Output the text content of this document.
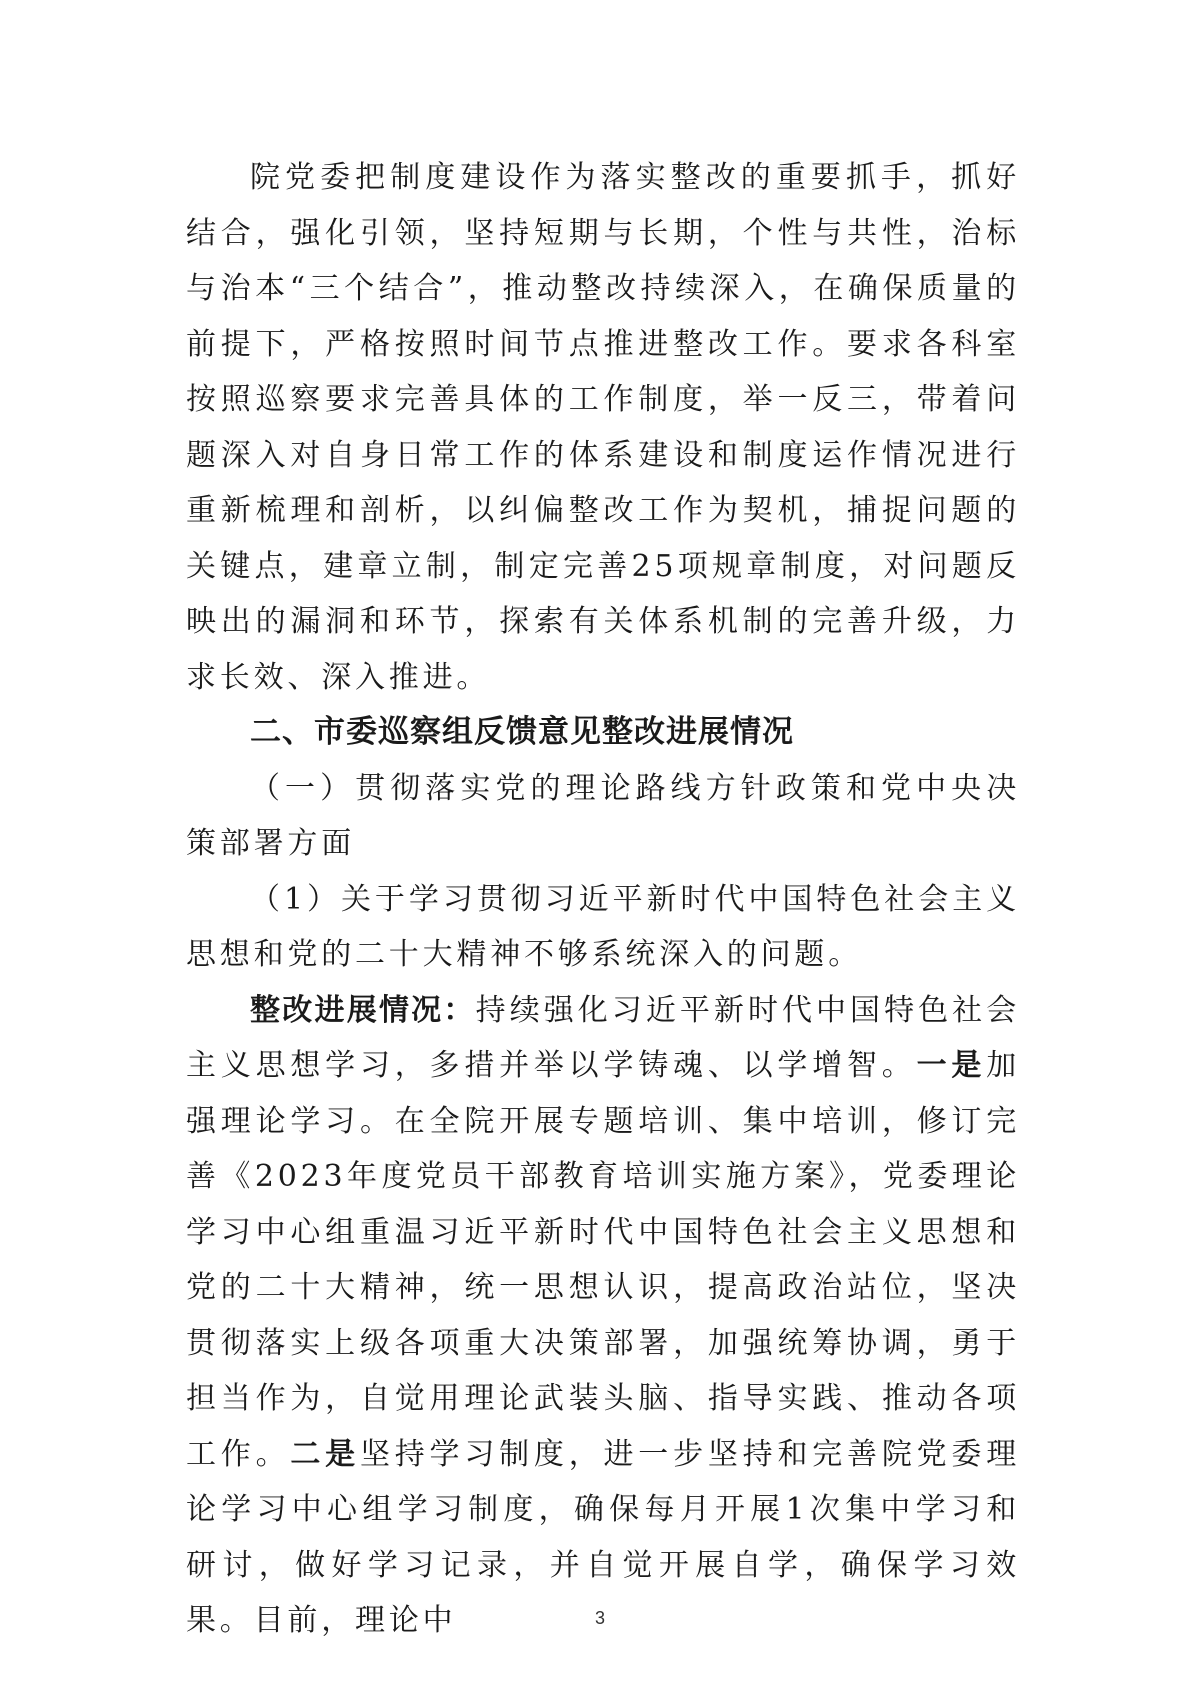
院党委把制度建设作为落实整改的重要抓手，抓好结合，强化引领，坚持短期与长期，个性与共性，治标与治本“三个结合”，推动整改持续深入，在确保质量的前提下，严格按照时间节点推进整改工作。要求各科室按照巡察要求完善具体的工作制度，举一反三，带着问题深入对自身日常工作的体系建设和制度运作情况进行重新梳理和剖析，以纠偏整改工作为契机，捕捉问题的关键点，建章立制，制定完善25项规章制度，对问题反映出的漏洞和环节，探索有关体系机制的完善升级，力求长效、深入推进。

二、市委巡察组反馈意见整改进展情况

（一）贯彻落实党的理论路线方针政策和党中央决策部署方面

（1）关于学习贯彻习近平新时代中国特色社会主义思想和党的二十大精神不够系统深入的问题。

整改进展情况：持续强化习近平新时代中国特色社会主义思想学习，多措并举以学铸魂、以学增智。一是加强理论学习。在全院开展专题培训、集中培训，修订完善《2023年度党员干部教育培训实施方案》，党委理论学习中心组重温习近平新时代中国特色社会主义思想和党的二十大精神，统一思想认识，提高政治站位，坚决贯彻落实上级各项重大决策部署，加强统筹协调，勇于担当作为，自觉用理论武装头脑、指导实践、推动各项工作。二是坚持学习制度，进一步坚持和完善院党委理论学习中心组学习制度，确保每月开展1次集中学习和研讨，做好学习记录，并自觉开展自学，确保学习效果。目前，理论中	3
